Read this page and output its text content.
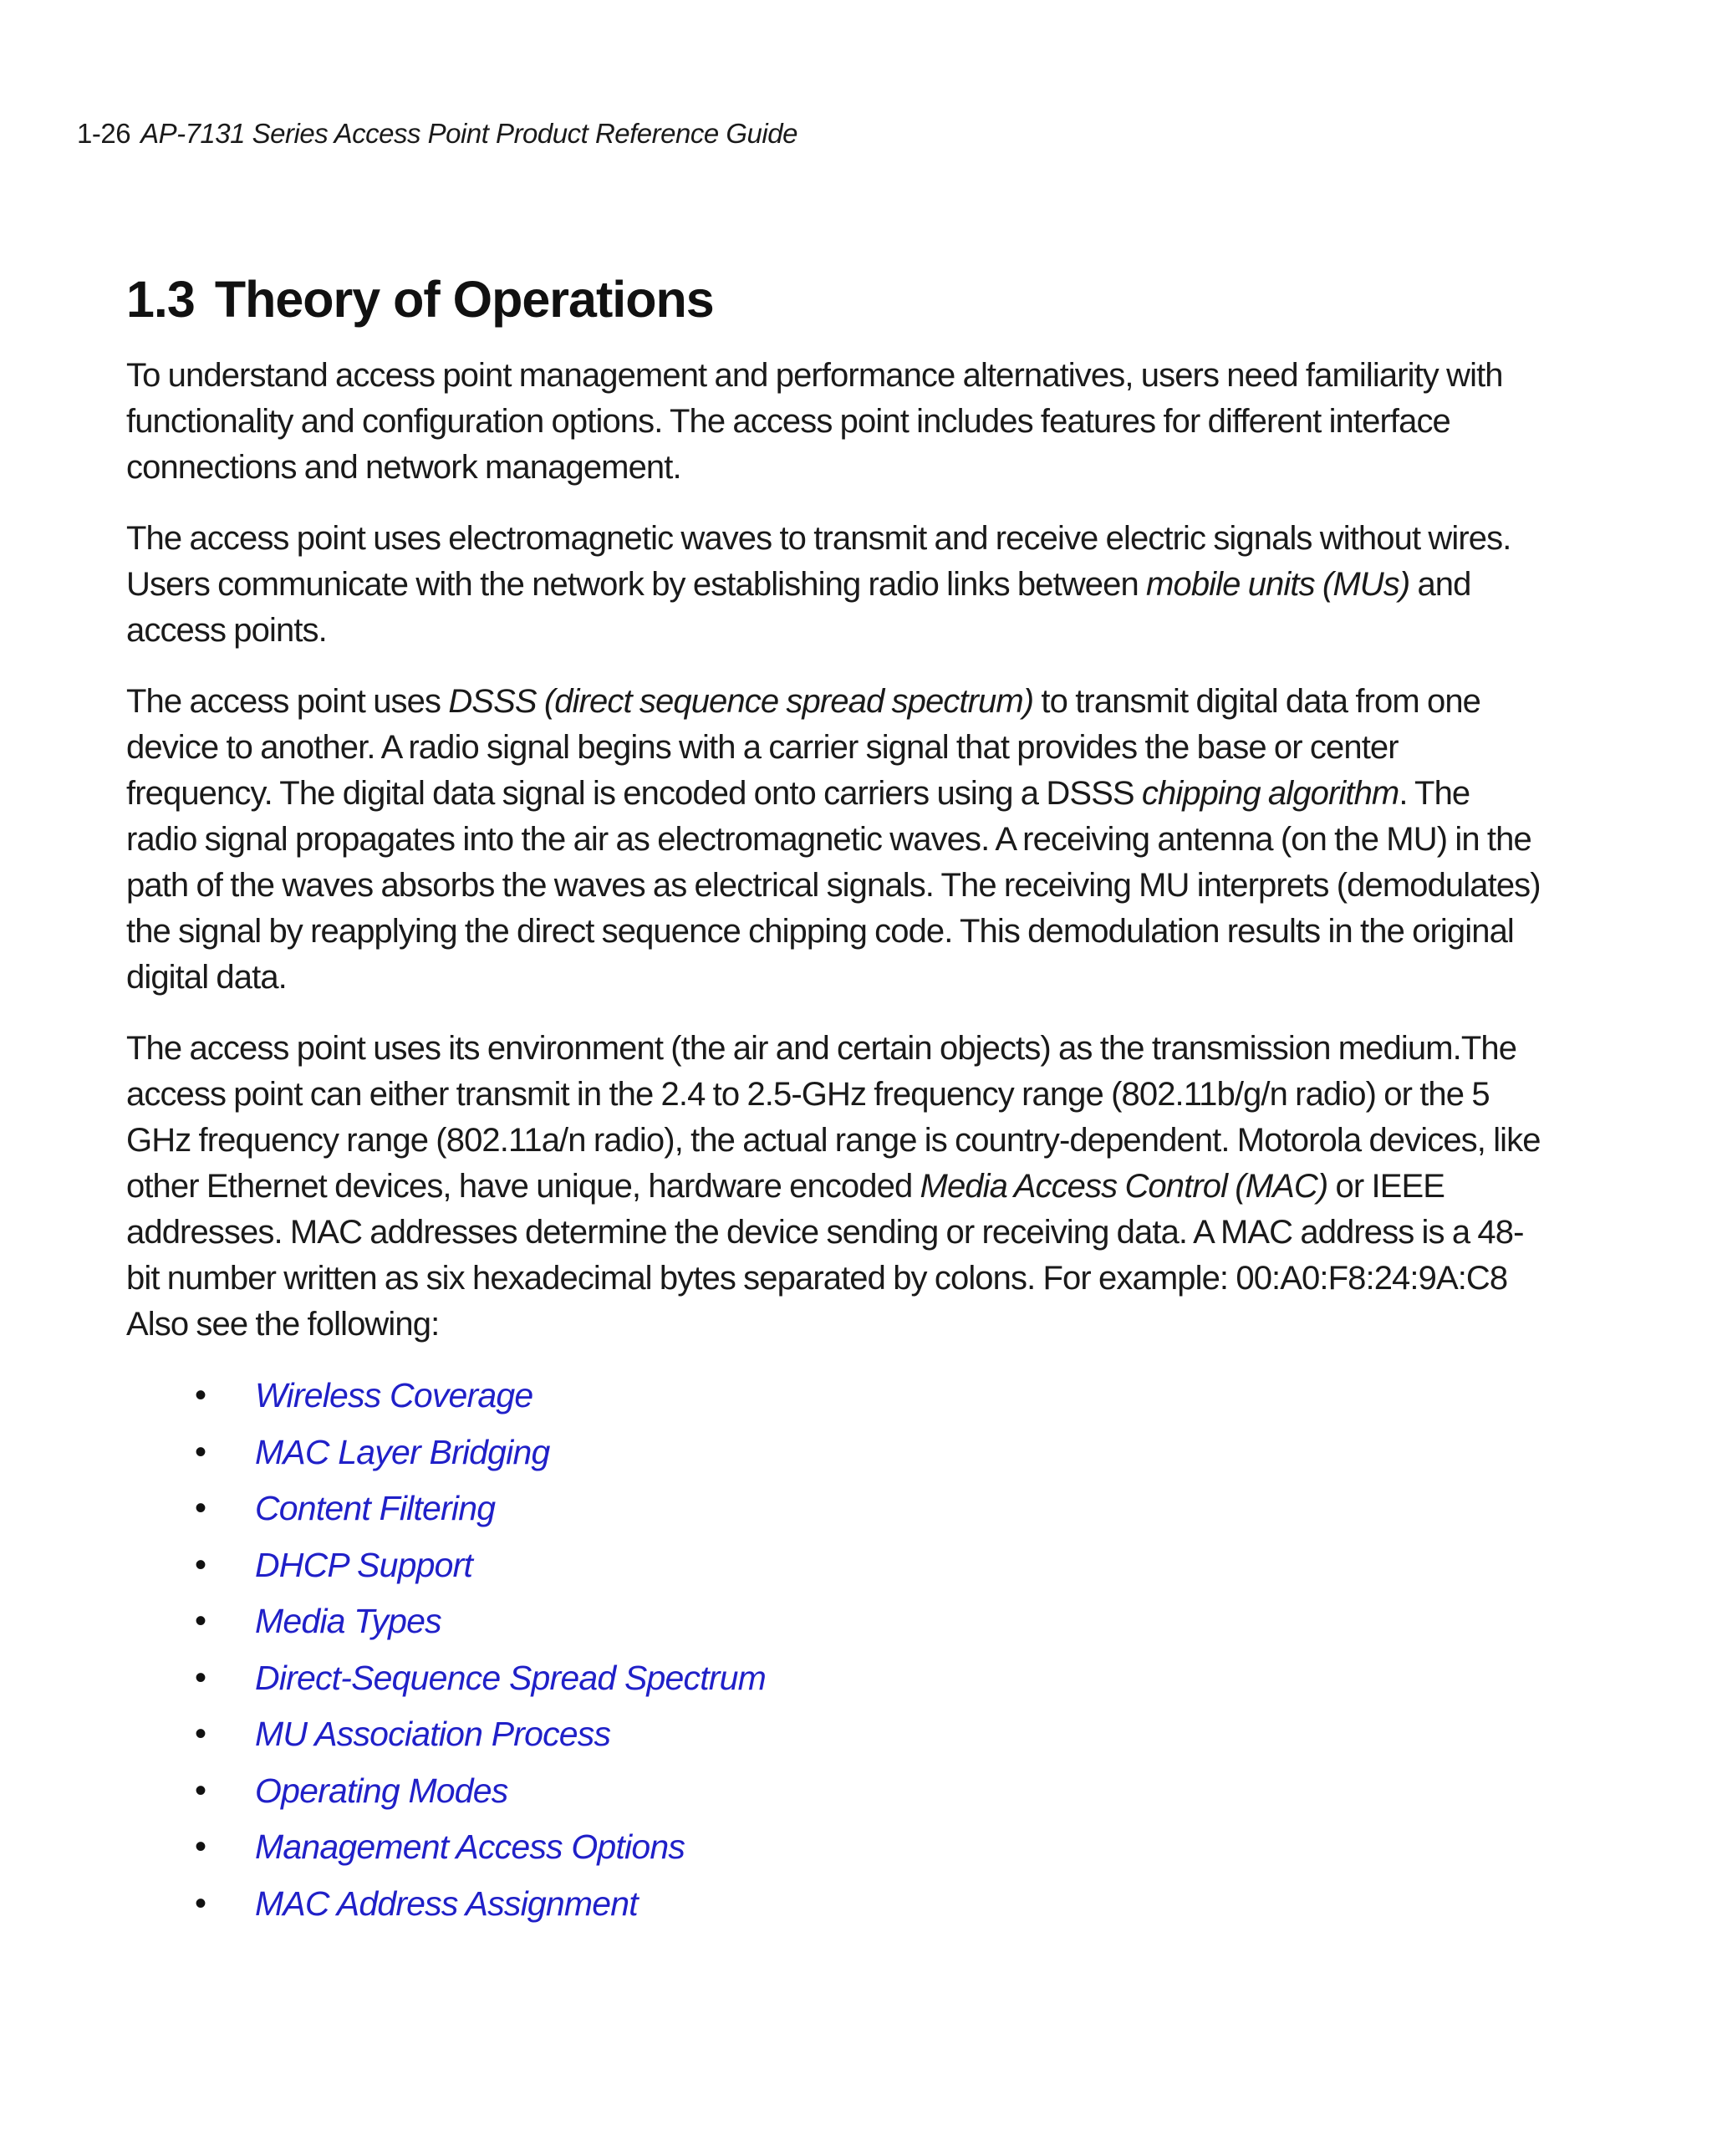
1-26 AP-7131 Series Access Point Product Reference Guide
1.3 Theory of Operations

To understand access point management and performance alternatives, users need familiarity with functionality and configuration options. The access point includes features for different interface connections and network management.

The access point uses electromagnetic waves to transmit and receive electric signals without wires. Users communicate with the network by establishing radio links between mobile units (MUs) and access points.

The access point uses DSSS (direct sequence spread spectrum) to transmit digital data from one device to another. A radio signal begins with a carrier signal that provides the base or center frequency. The digital data signal is encoded onto carriers using a DSSS chipping algorithm. The radio signal propagates into the air as electromagnetic waves. A receiving antenna (on the MU) in the path of the waves absorbs the waves as electrical signals. The receiving MU interprets (demodulates) the signal by reapplying the direct sequence chipping code. This demodulation results in the original digital data.

The access point uses its environment (the air and certain objects) as the transmission medium.The access point can either transmit in the 2.4 to 2.5-GHz frequency range (802.11b/g/n radio) or the 5 GHz frequency range (802.11a/n radio), the actual range is country-dependent. Motorola devices, like other Ethernet devices, have unique, hardware encoded Media Access Control (MAC) or IEEE addresses. MAC addresses determine the device sending or receiving data. A MAC address is a 48-bit number written as six hexadecimal bytes separated by colons. For example: 00:A0:F8:24:9A:C8
Also see the following:

• Wireless Coverage
• MAC Layer Bridging
• Content Filtering
• DHCP Support
• Media Types
• Direct-Sequence Spread Spectrum
• MU Association Process
• Operating Modes
• Management Access Options
• MAC Address Assignment
